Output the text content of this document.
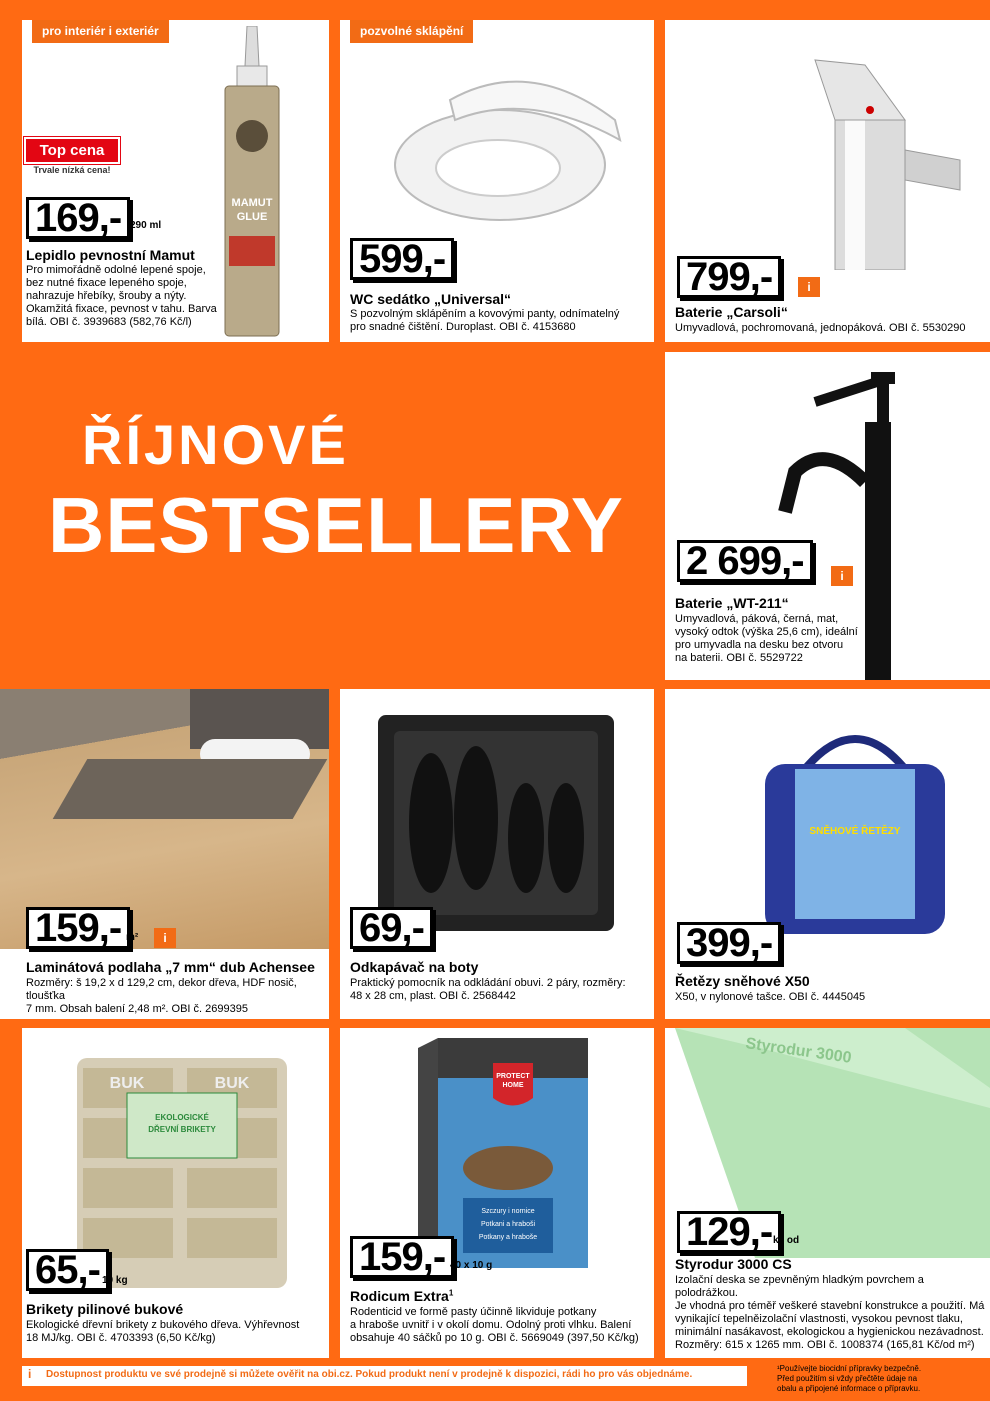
pro interiér i exteriér
MAMUT
GLUE
Top cena
Trvale nízká cena!
169,- 290 ml
Lepidlo pevnostní Mamut
Pro mimořádně odolné lepené spoje,
bez nutné fixace lepeného spoje,
nahrazuje hřebíky, šrouby a nýty.
Okamžitá fixace, pevnost v tahu. Barva
bílá. OBI č. 3939683 (582,76 Kč/l)
pozvolné sklápění
599,-
WC sedátko „Universal“
S pozvolným sklápěním a kovovými panty, odnímatelný
pro snadné čištění. Duroplast. OBI č. 4153680
799,-	i
Baterie „Carsoli“
Umyvadlová, pochromovaná, jednopáková. OBI č. 5530290
ŘÍJNOVÉ
BESTSELLERY 2 699,-	i
Baterie „WT-211“
Umyvadlová, páková, černá, mat,
vysoký odtok (výška 25,6 cm), ideální
pro umyvadla na desku bez otvoru
na baterii. OBI č. 5529722
159,- m²	i
Laminátová podlaha „7 mm“ dub Achensee
Rozměry: š 19,2 x d 129,2 cm, dekor dřeva, HDF nosič, tloušťka
7 mm. Obsah balení 2,48 m². OBI č. 2699395
69,-
Odkapávač na boty
Praktický pomocník na odkládání obuvi. 2 páry, rozměry:
48 x 28 cm, plast. OBI č. 2568442
SNĚHOVÉ ŘETĚZY
399,-
Řetězy sněhové X50
X50, v nylonové tašce. OBI č. 4445045
EKOLOGICKÉ
DŘEVNÍ BRIKETY
BUK	BUK
65,- 10 kg
Brikety pilinové bukové
Ekologické dřevní brikety z bukového dřeva. Výhřevnost
18 MJ/kg. OBI č. 4703393 (6,50 Kč/kg)
PROTECT
HOME
Szczury i nornice
Potkani a hraboši
Potkany a hraboše
159,- 40 x 10 g
Rodicum Extra$^1$
Rodenticid ve formě pasty účinně likviduje potkany
a hraboše uvnitř i v okolí domu. Odolný proti vlhku. Balení
obsahuje 40 sáčků po 10 g. OBI č. 5669049 (397,50 Kč/kg)
Styrodur 3000
129,- ks od
Styrodur 3000 CS
Izolační deska se zpevněným hladkým povrchem a polodrážkou.
Je vhodná pro téměř veškeré stavební konstrukce a použití. Má
vynikající tepelněizolační vlastnosti, vysokou pevnost tlaku,
minimální nasákavost, ekologickou a hygienickou nezávadnost.
Rozměry: 615 x 1265 mm. OBI č. 1008374 (165,81 Kč/od m²)
i	Dostupnost produktu ve své prodejně si můžete ověřit na obi.cz. Pokud produkt není v prodejně k dispozici, rádi ho pro vás objednáme.
¹Používejte biocidní přípravky bezpečně.
Před použitím si vždy přečtěte údaje na
obalu a připojené informace o přípravku.
